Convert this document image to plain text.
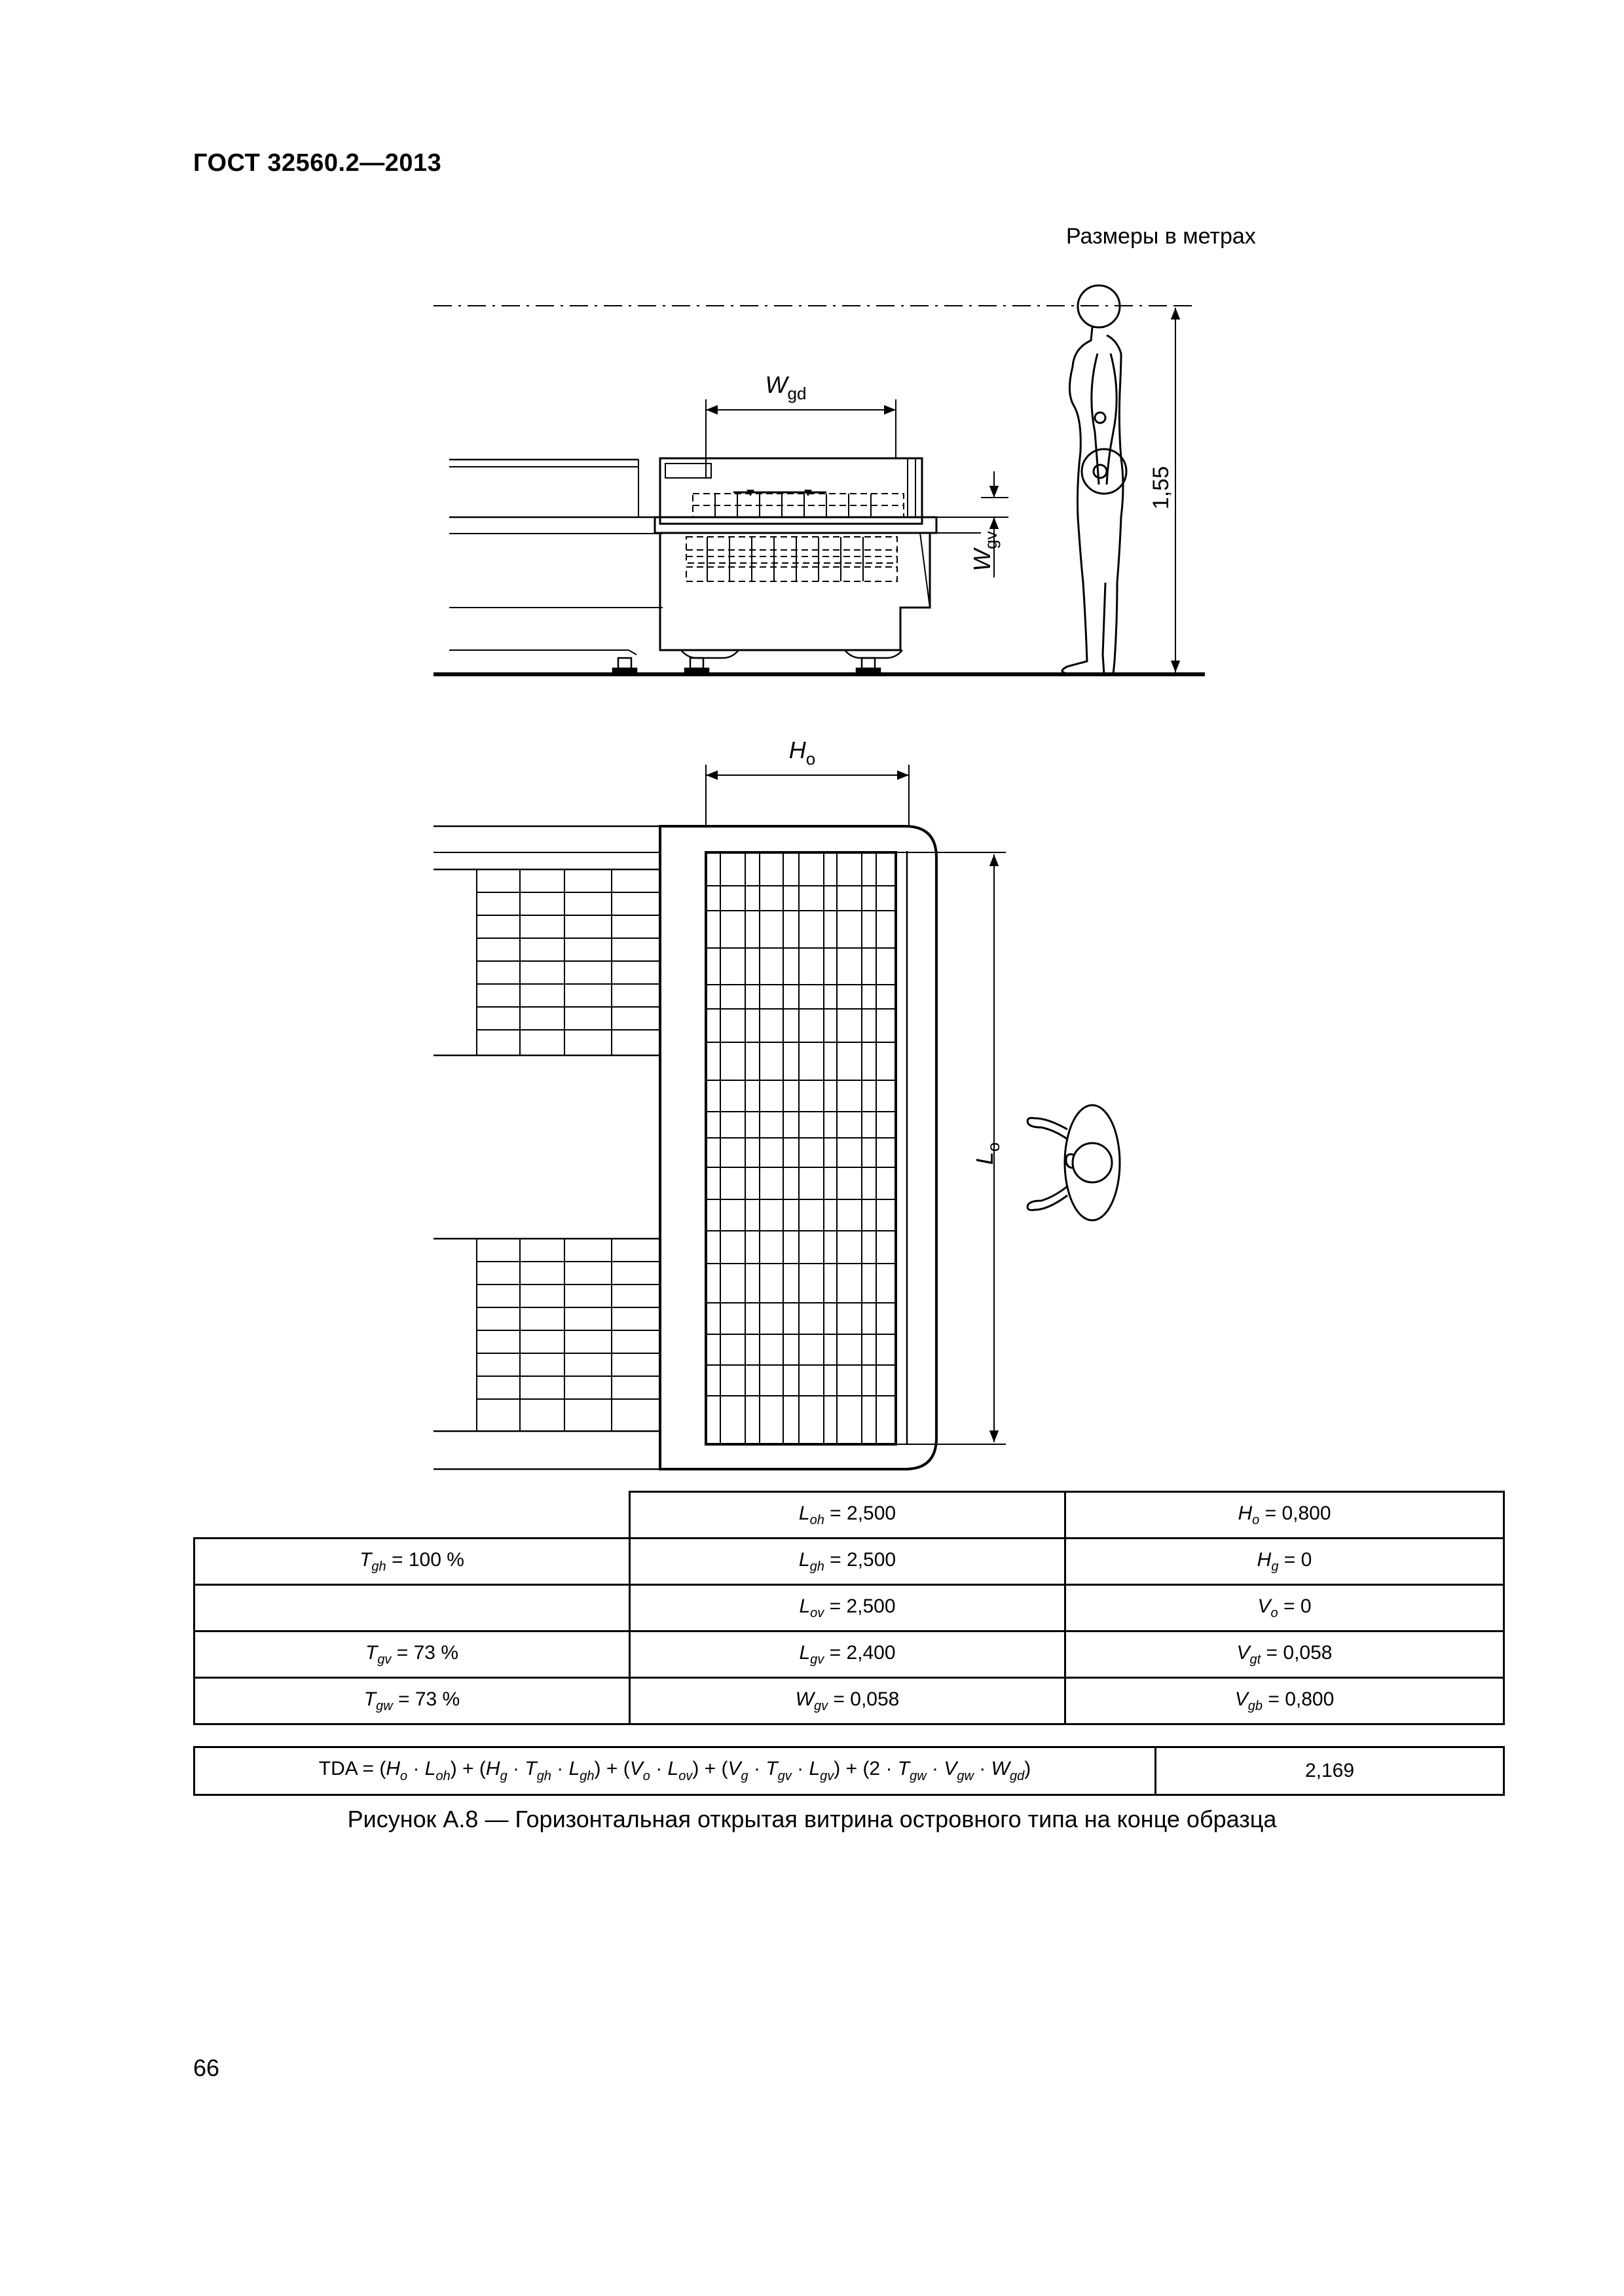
ГОСТ 32560.2—2013
Размеры в метрах
$W_{gd}$
$W_{gv}$
1,55
$H_o$
$L_o$
	$L_{oh} = 2,500$	$H_o = 0,800$
$T_{gh} = 100$ %	$L_{gh} = 2,500$	$H_g = 0$
	$L_{ov} = 2,500$	$V_o = 0$
$T_{gv} = 73$ %	$L_{gv} = 2,400$	$V_{gt} = 0,058$
$T_{gw} = 73$ %	$W_{gv} = 0,058$	$V_{gb} = 0,800$
TDA = $(H_o \cdot L_{oh}) + (H_g \cdot T_{gh} \cdot L_{gh}) + (V_o \cdot L_{ov}) + (V_g \cdot T_{gv} \cdot L_{gv}) + (2 \cdot T_{gw} \cdot V_{gw} \cdot W_{gd})$	2,169
Рисунок А.8 — Горизонтальная открытая витрина островного типа на конце образца
66
